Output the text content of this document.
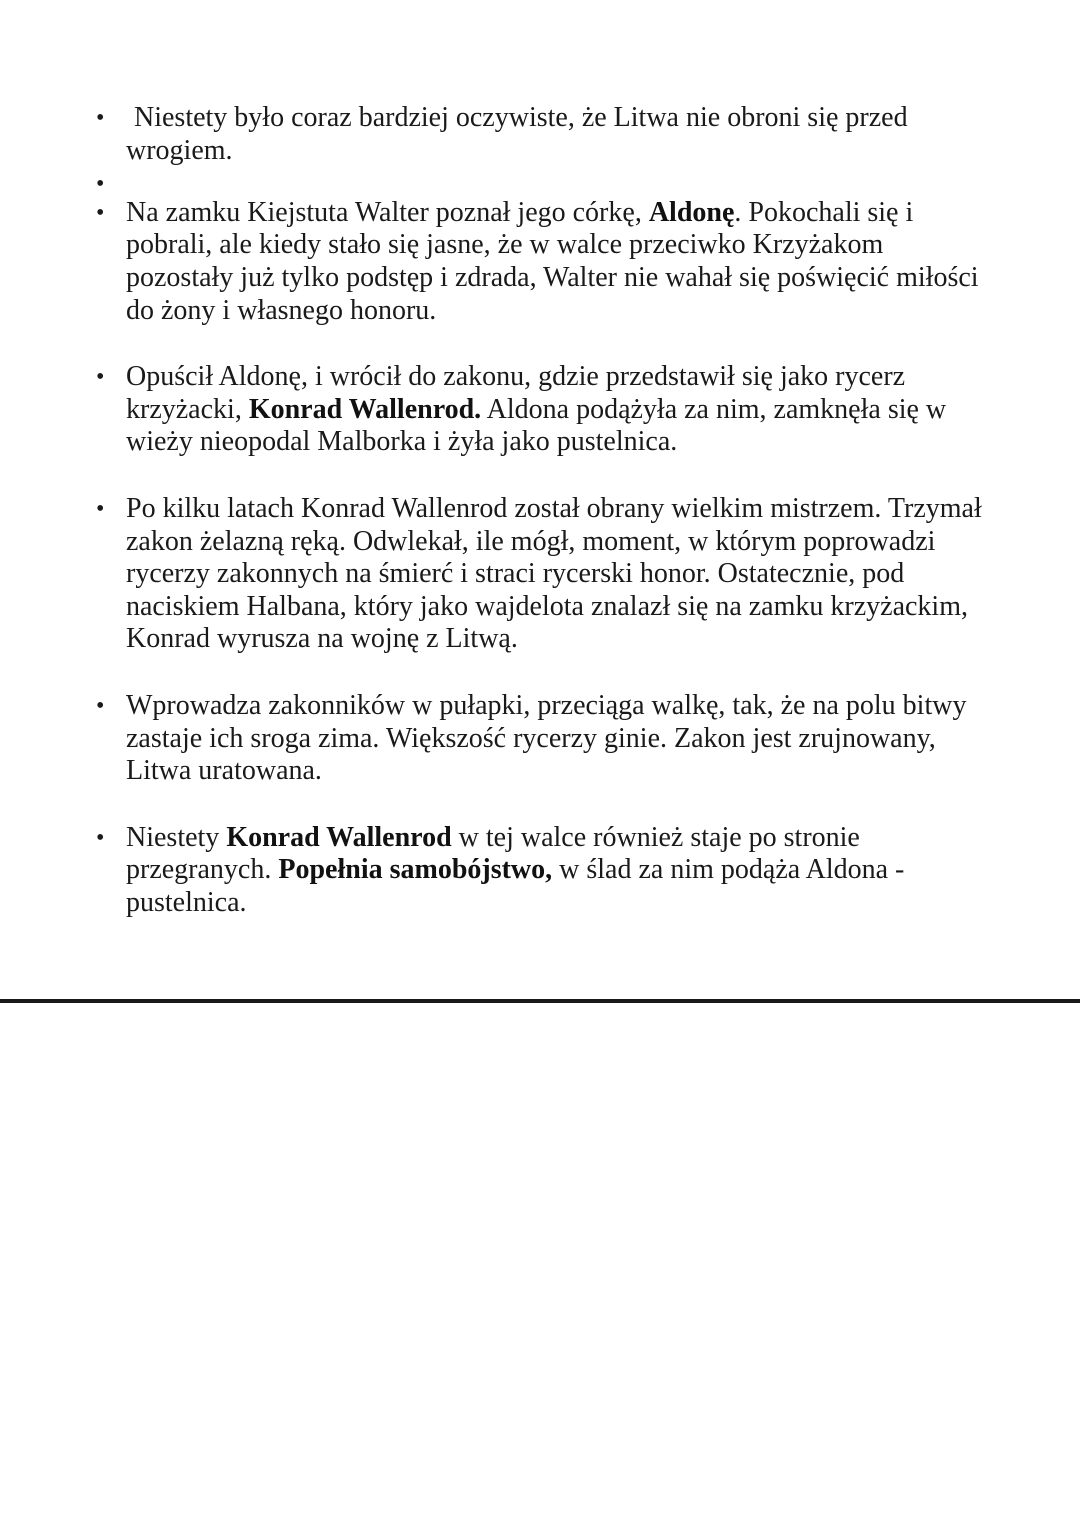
•	Niestety było coraz bardziej oczywiste, że Litwa nie obroni się przed wrogiem.
•

• Na zamku Kiejstuta Walter poznał jego córkę, Aldonę. Pokochali się i pobrali, ale kiedy stało się jasne, że w walce przeciwko Krzyżakom pozostały już tylko podstęp i zdrada, Walter nie wahał się poświęcić miłości do żony i własnego honoru.
• Opuścił Aldonę, i wrócił do zakonu, gdzie przedstawił się jako rycerz krzyżacki, Konrad Wallenrod. Aldona podążyła za nim, zamknęła się w wieży nieopodal Malborka i żyła jako pustelnica.
• Po kilku latach Konrad Wallenrod został obrany wielkim mistrzem. Trzymał zakon żelazną ręką. Odwlekał, ile mógł, moment, w którym poprowadzi rycerzy zakonnych na śmierć i straci rycerski honor. Ostatecznie, pod naciskiem Halbana, który jako wajdelota znalazł się na zamku krzyżackim, Konrad wyrusza na wojnę z Litwą.
• Wprowadza zakonników w pułapki, przeciąga walkę, tak, że na polu bitwy zastaje ich sroga zima. Większość rycerzy ginie. Zakon jest zrujnowany, Litwa uratowana.
• Niestety Konrad Wallenrod w tej walce również staje po stronie przegranych. Popełnia samobójstwo, w ślad za nim podąża Aldona - pustelnica.
